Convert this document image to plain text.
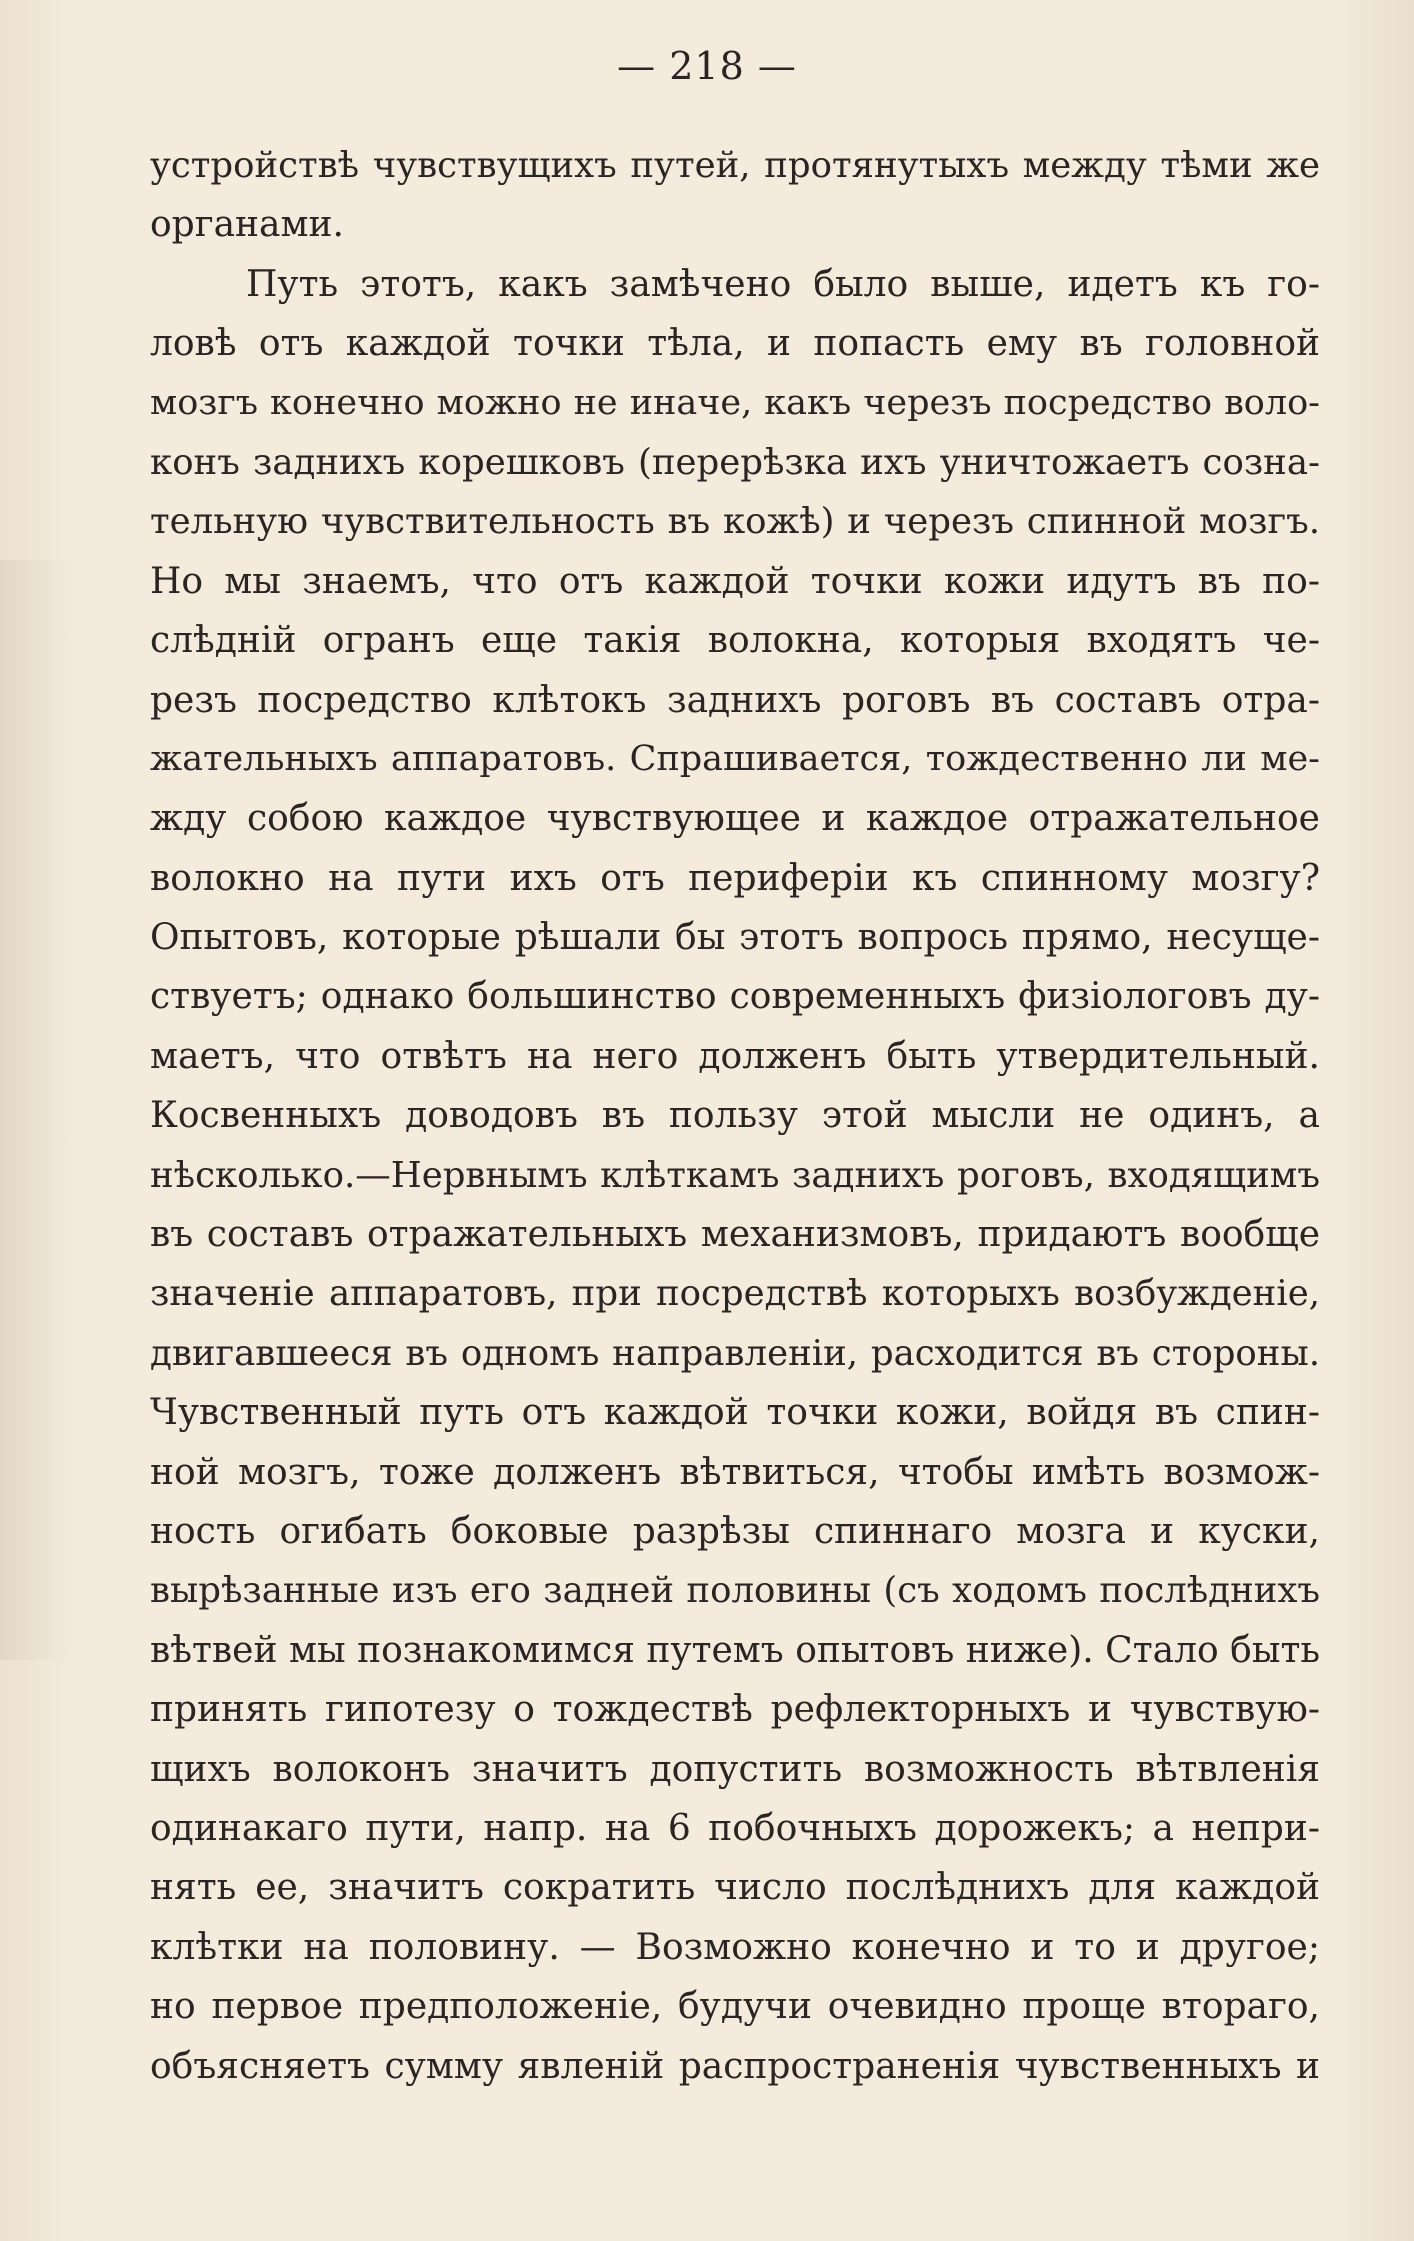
— 218 —
устройствѣ чувствущихъ путей, протянутыхъ между тѣми же
органами.
Путь этотъ, какъ замѣчено было выше, идетъ къ го-
ловѣ отъ каждой точки тѣла, и попасть ему въ головной
мозгъ конечно можно не иначе, какъ черезъ посредство воло-
конъ заднихъ корешковъ (перерѣзка ихъ уничтожаетъ созна-
тельную чувствительность въ кожѣ) и черезъ спинной мозгъ.
Но мы знаемъ, что отъ каждой точки кожи идутъ въ по-
слѣднiй огранъ еще такiя волокна, которыя входятъ че-
резъ посредство клѣтокъ заднихъ роговъ въ составъ отра-
жательныхъ аппаратовъ. Спрашивается, тождественно ли ме-
жду собою каждое чувствующее и каждое отражательное
волокно на пути ихъ отъ периферiи къ спинному мозгу?
Опытовъ, которые рѣшали бы этотъ вопрось прямо, несуще-
ствуетъ; однако большинство современныхъ физiологовъ ду-
маетъ, что отвѣтъ на него долженъ быть утвердительный.
Косвенныхъ доводовъ въ пользу этой мысли не одинъ, а
нѣсколько.—Нервнымъ клѣткамъ заднихъ роговъ, входящимъ
въ составъ отражательныхъ механизмовъ, придаютъ вообще
значенiе аппаратовъ, при посредствѣ которыхъ возбужденiе,
двигавшееся въ одномъ направленiи, расходится въ стороны.
Чувственный путь отъ каждой точки кожи, войдя въ спин-
ной мозгъ, тоже долженъ вѣтвиться, чтобы имѣть возмож-
ность огибать боковые разрѣзы спиннаго мозга и куски,
вырѣзанные изъ его задней половины (съ ходомъ послѣднихъ
вѣтвей мы познакомимся путемъ опытовъ ниже). Стало быть
принять гипотезу о тождествѣ рефлекторныхъ и чувствую-
щихъ волоконъ значитъ допустить возможность вѣтвленiя
одинакаго пути, напр. на 6 побочныхъ дорожекъ; а непри-
нять ее, значитъ сократить число послѣднихъ для каждой
клѣтки на половину. — Возможно конечно и то и другое;
но первое предположенiе, будучи очевидно проще втораго,
объясняетъ сумму явленiй распространенiя чувственныхъ и
